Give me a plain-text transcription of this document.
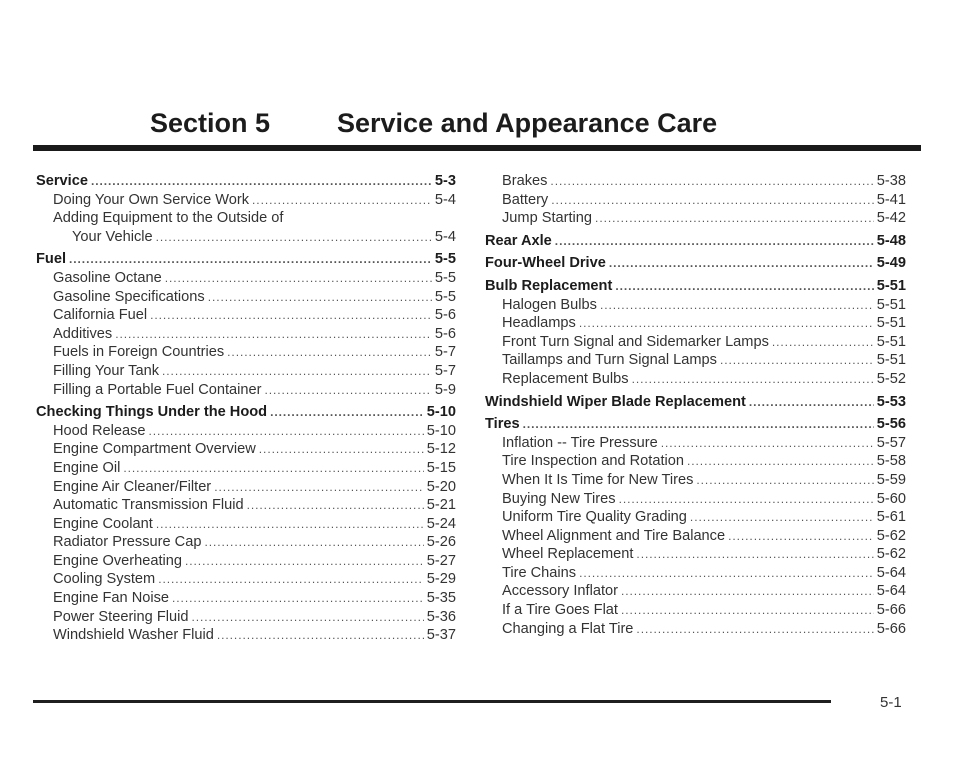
Section 5 Service and Appearance Care
Service . . .	5-3
Doing Your Own Service Work . . .	5-4
Adding Equipment to the Outside of
Your Vehicle . . .	5-4
Fuel . . .	5-5
Gasoline Octane . . .	5-5
Gasoline Specifications . . .	5-5
California Fuel . . .	5-6
Additives . . .	5-6
Fuels in Foreign Countries . . .	5-7
Filling Your Tank . . .	5-7
Filling a Portable Fuel Container . . .	5-9
Checking Things Under the Hood . . .	5-10
Hood Release . . .	5-10
Engine Compartment Overview . . .	5-12
Engine Oil . . .	5-15
Engine Air Cleaner/Filter . . .	5-20
Automatic Transmission Fluid . . .	5-21
Engine Coolant . . .	5-24
Radiator Pressure Cap . . .	5-26
Engine Overheating . . .	5-27
Cooling System . . .	5-29
Engine Fan Noise . . .	5-35
Power Steering Fluid . . .	5-36
Windshield Washer Fluid . . .	5-37
Brakes . . .	5-38
Battery . . .	5-41
Jump Starting . . .	5-42
Rear Axle . . .	5-48
Four-Wheel Drive . . .	5-49
Bulb Replacement . . .	5-51
Halogen Bulbs . . .	5-51
Headlamps . . .	5-51
Front Turn Signal and Sidemarker Lamps . . .	5-51
Taillamps and Turn Signal Lamps . . .	5-51
Replacement Bulbs . . .	5-52
Windshield Wiper Blade Replacement . . .	5-53
Tires . . .	5-56
Inflation -- Tire Pressure . . .	5-57
Tire Inspection and Rotation . . .	5-58
When It Is Time for New Tires . . .	5-59
Buying New Tires . . .	5-60
Uniform Tire Quality Grading . . .	5-61
Wheel Alignment and Tire Balance . . .	5-62
Wheel Replacement . . .	5-62
Tire Chains . . .	5-64
Accessory Inflator . . .	5-64
If a Tire Goes Flat . . .	5-66
Changing a Flat Tire . . .	5-66
5-1
